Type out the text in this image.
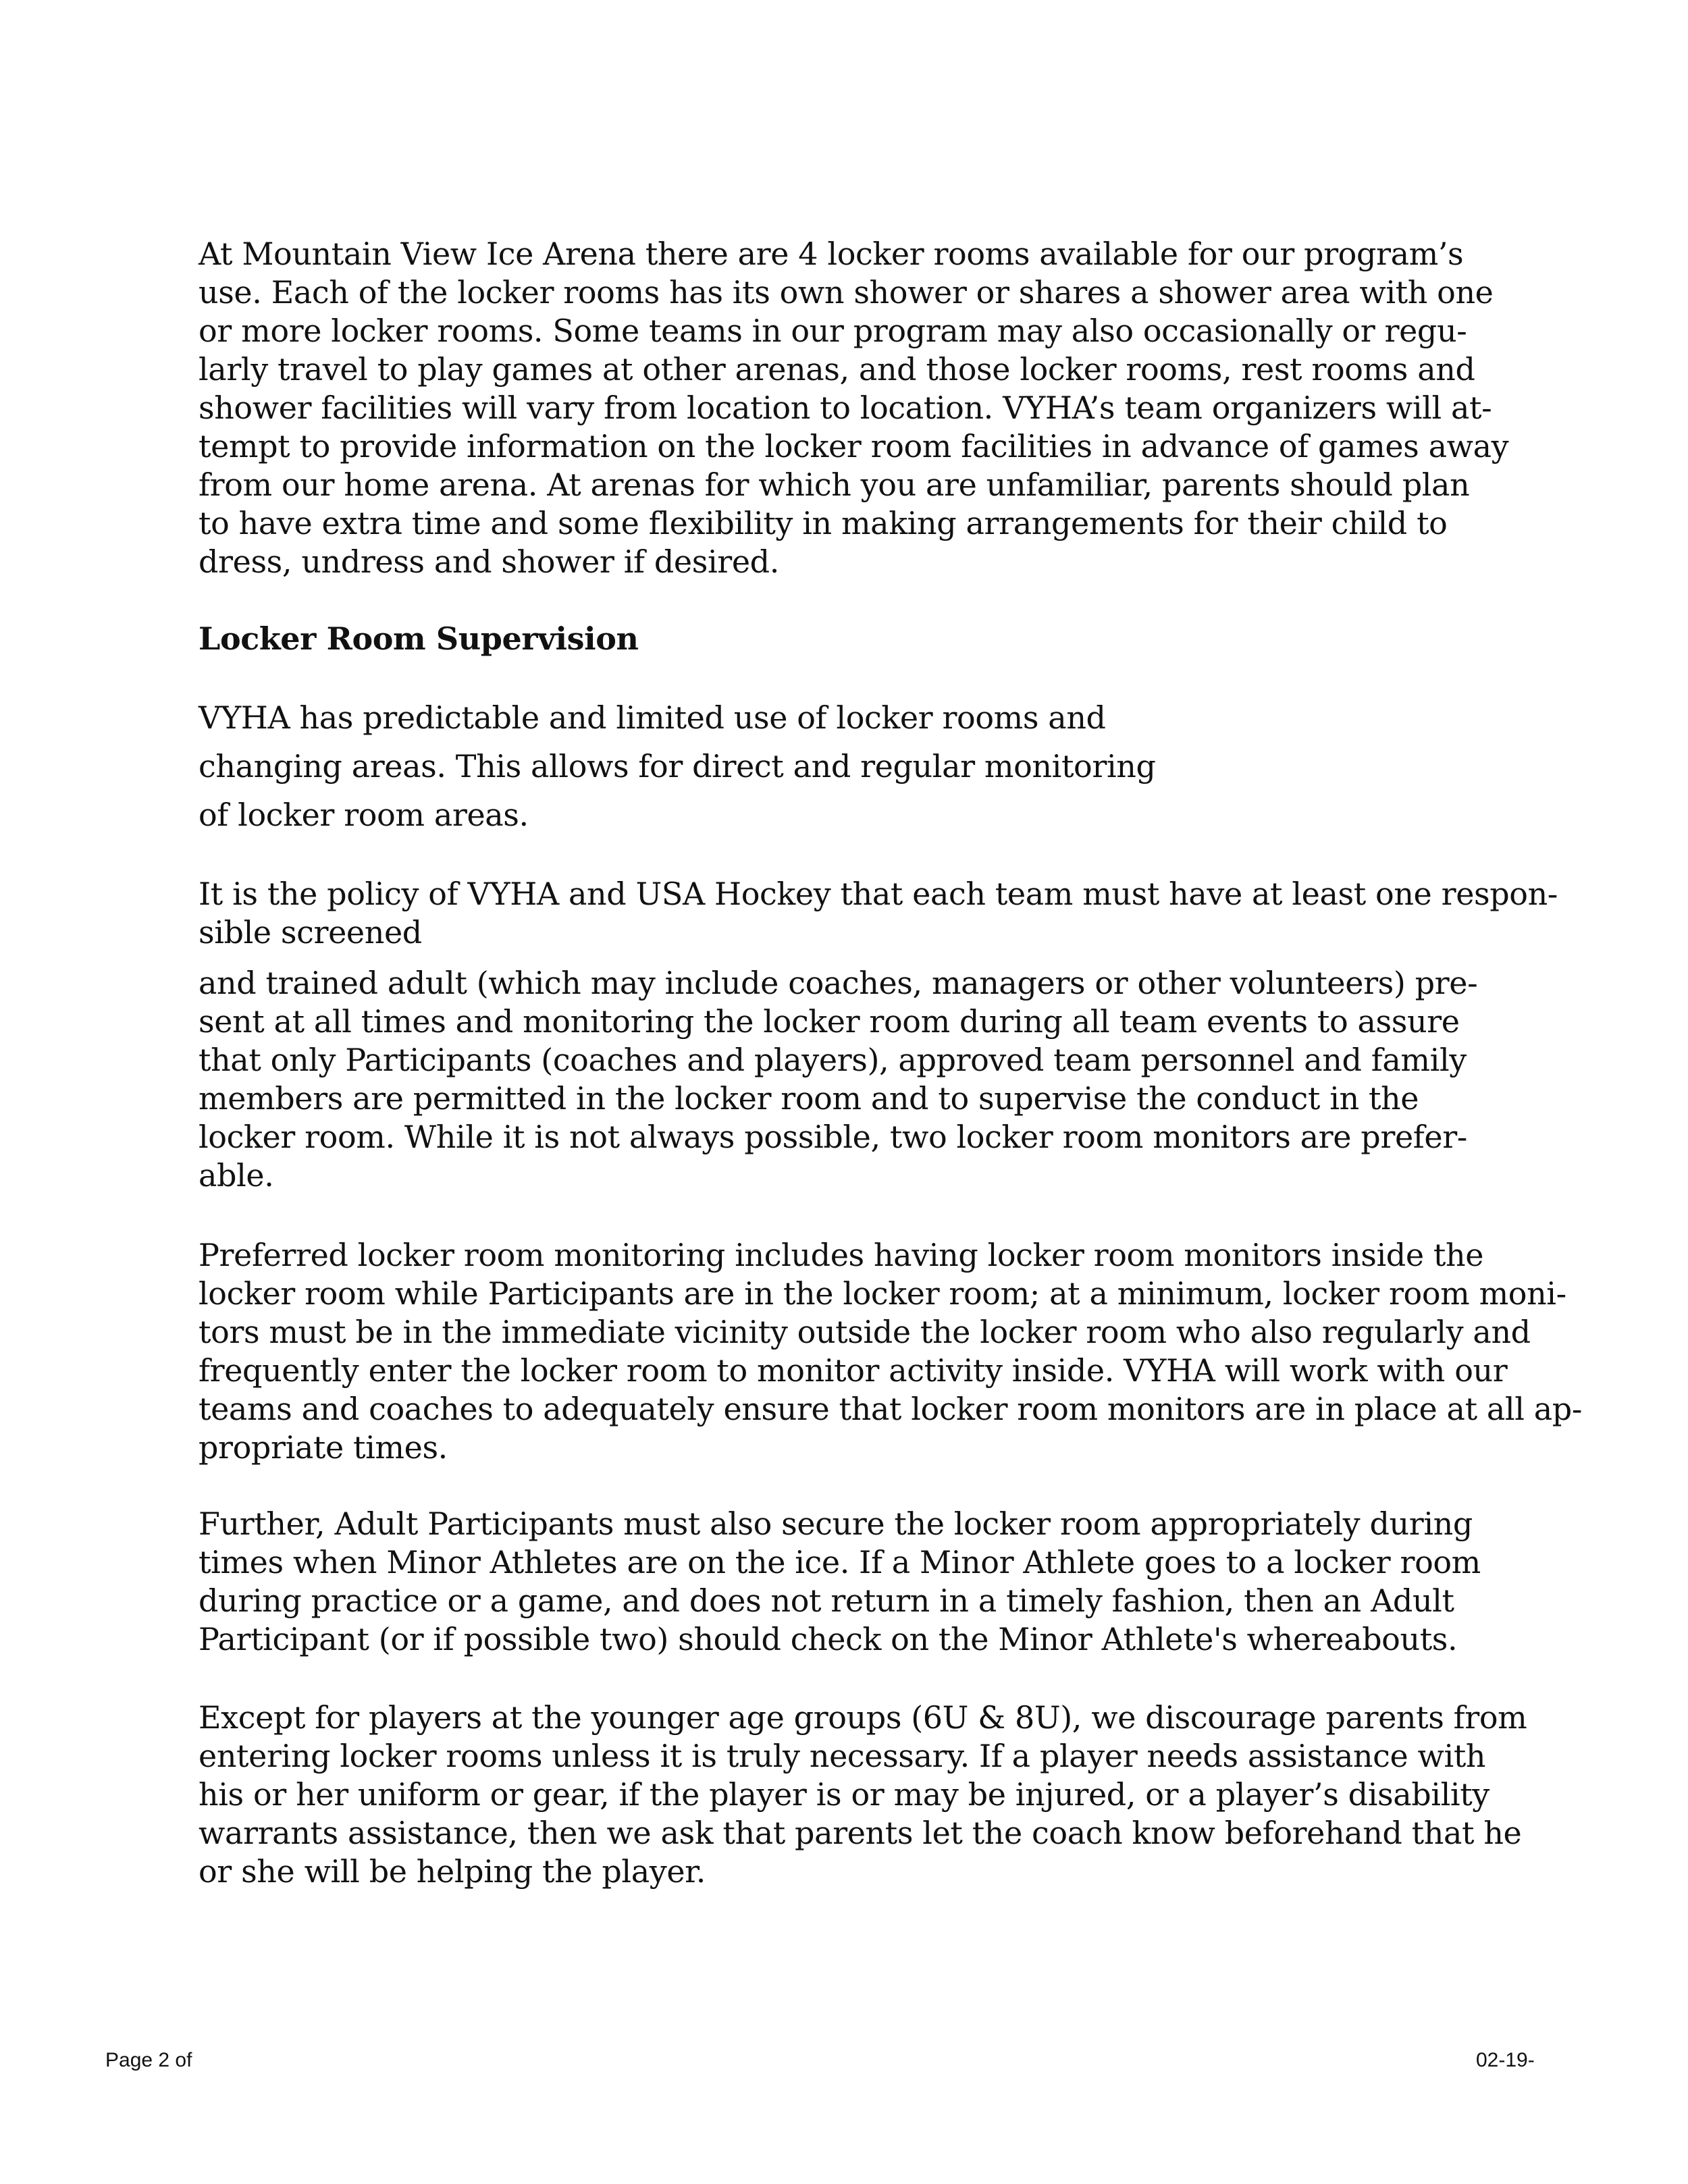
At Mountain View Ice Arena there are 4 locker rooms available for our program’s
use. Each of the locker rooms has its own shower or shares a shower area with one
or more locker rooms. Some teams in our program may also occasionally or regu-
larly travel to play games at other arenas, and those locker rooms, rest rooms and
shower facilities will vary from location to location. VYHA’s team organizers will at-
tempt to provide information on the locker room facilities in advance of games away
from our home arena. At arenas for which you are unfamiliar, parents should plan
to have extra time and some flexibility in making arrangements for their child to
dress, undress and shower if desired.

Locker Room Supervision

VYHA has predictable and limited use of locker rooms and
changing areas. This allows for direct and regular monitoring
of locker room areas.

It is the policy of VYHA and USA Hockey that each team must have at least one respon-
sible screened

and trained adult (which may include coaches, managers or other volunteers) pre-
sent at all times and monitoring the locker room during all team events to assure
that only Participants (coaches and players), approved team personnel and family
members are permitted in the locker room and to supervise the conduct in the
locker room. While it is not always possible, two locker room monitors are prefer-
able.

Preferred locker room monitoring includes having locker room monitors inside the
locker room while Participants are in the locker room; at a minimum, locker room moni-
tors must be in the immediate vicinity outside the locker room who also regularly and
frequently enter the locker room to monitor activity inside. VYHA will work with our
teams and coaches to adequately ensure that locker room monitors are in place at all ap-
propriate times.

Further, Adult Participants must also secure the locker room appropriately during
times when Minor Athletes are on the ice. If a Minor Athlete goes to a locker room
during practice or a game, and does not return in a timely fashion, then an Adult
Participant (or if possible two) should check on the Minor Athlete's whereabouts.

Except for players at the younger age groups (6U & 8U), we discourage parents from
entering locker rooms unless it is truly necessary. If a player needs assistance with
his or her uniform or gear, if the player is or may be injured, or a player’s disability
warrants assistance, then we ask that parents let the coach know beforehand that he
or she will be helping the player.

Page 2 of	02-19-
